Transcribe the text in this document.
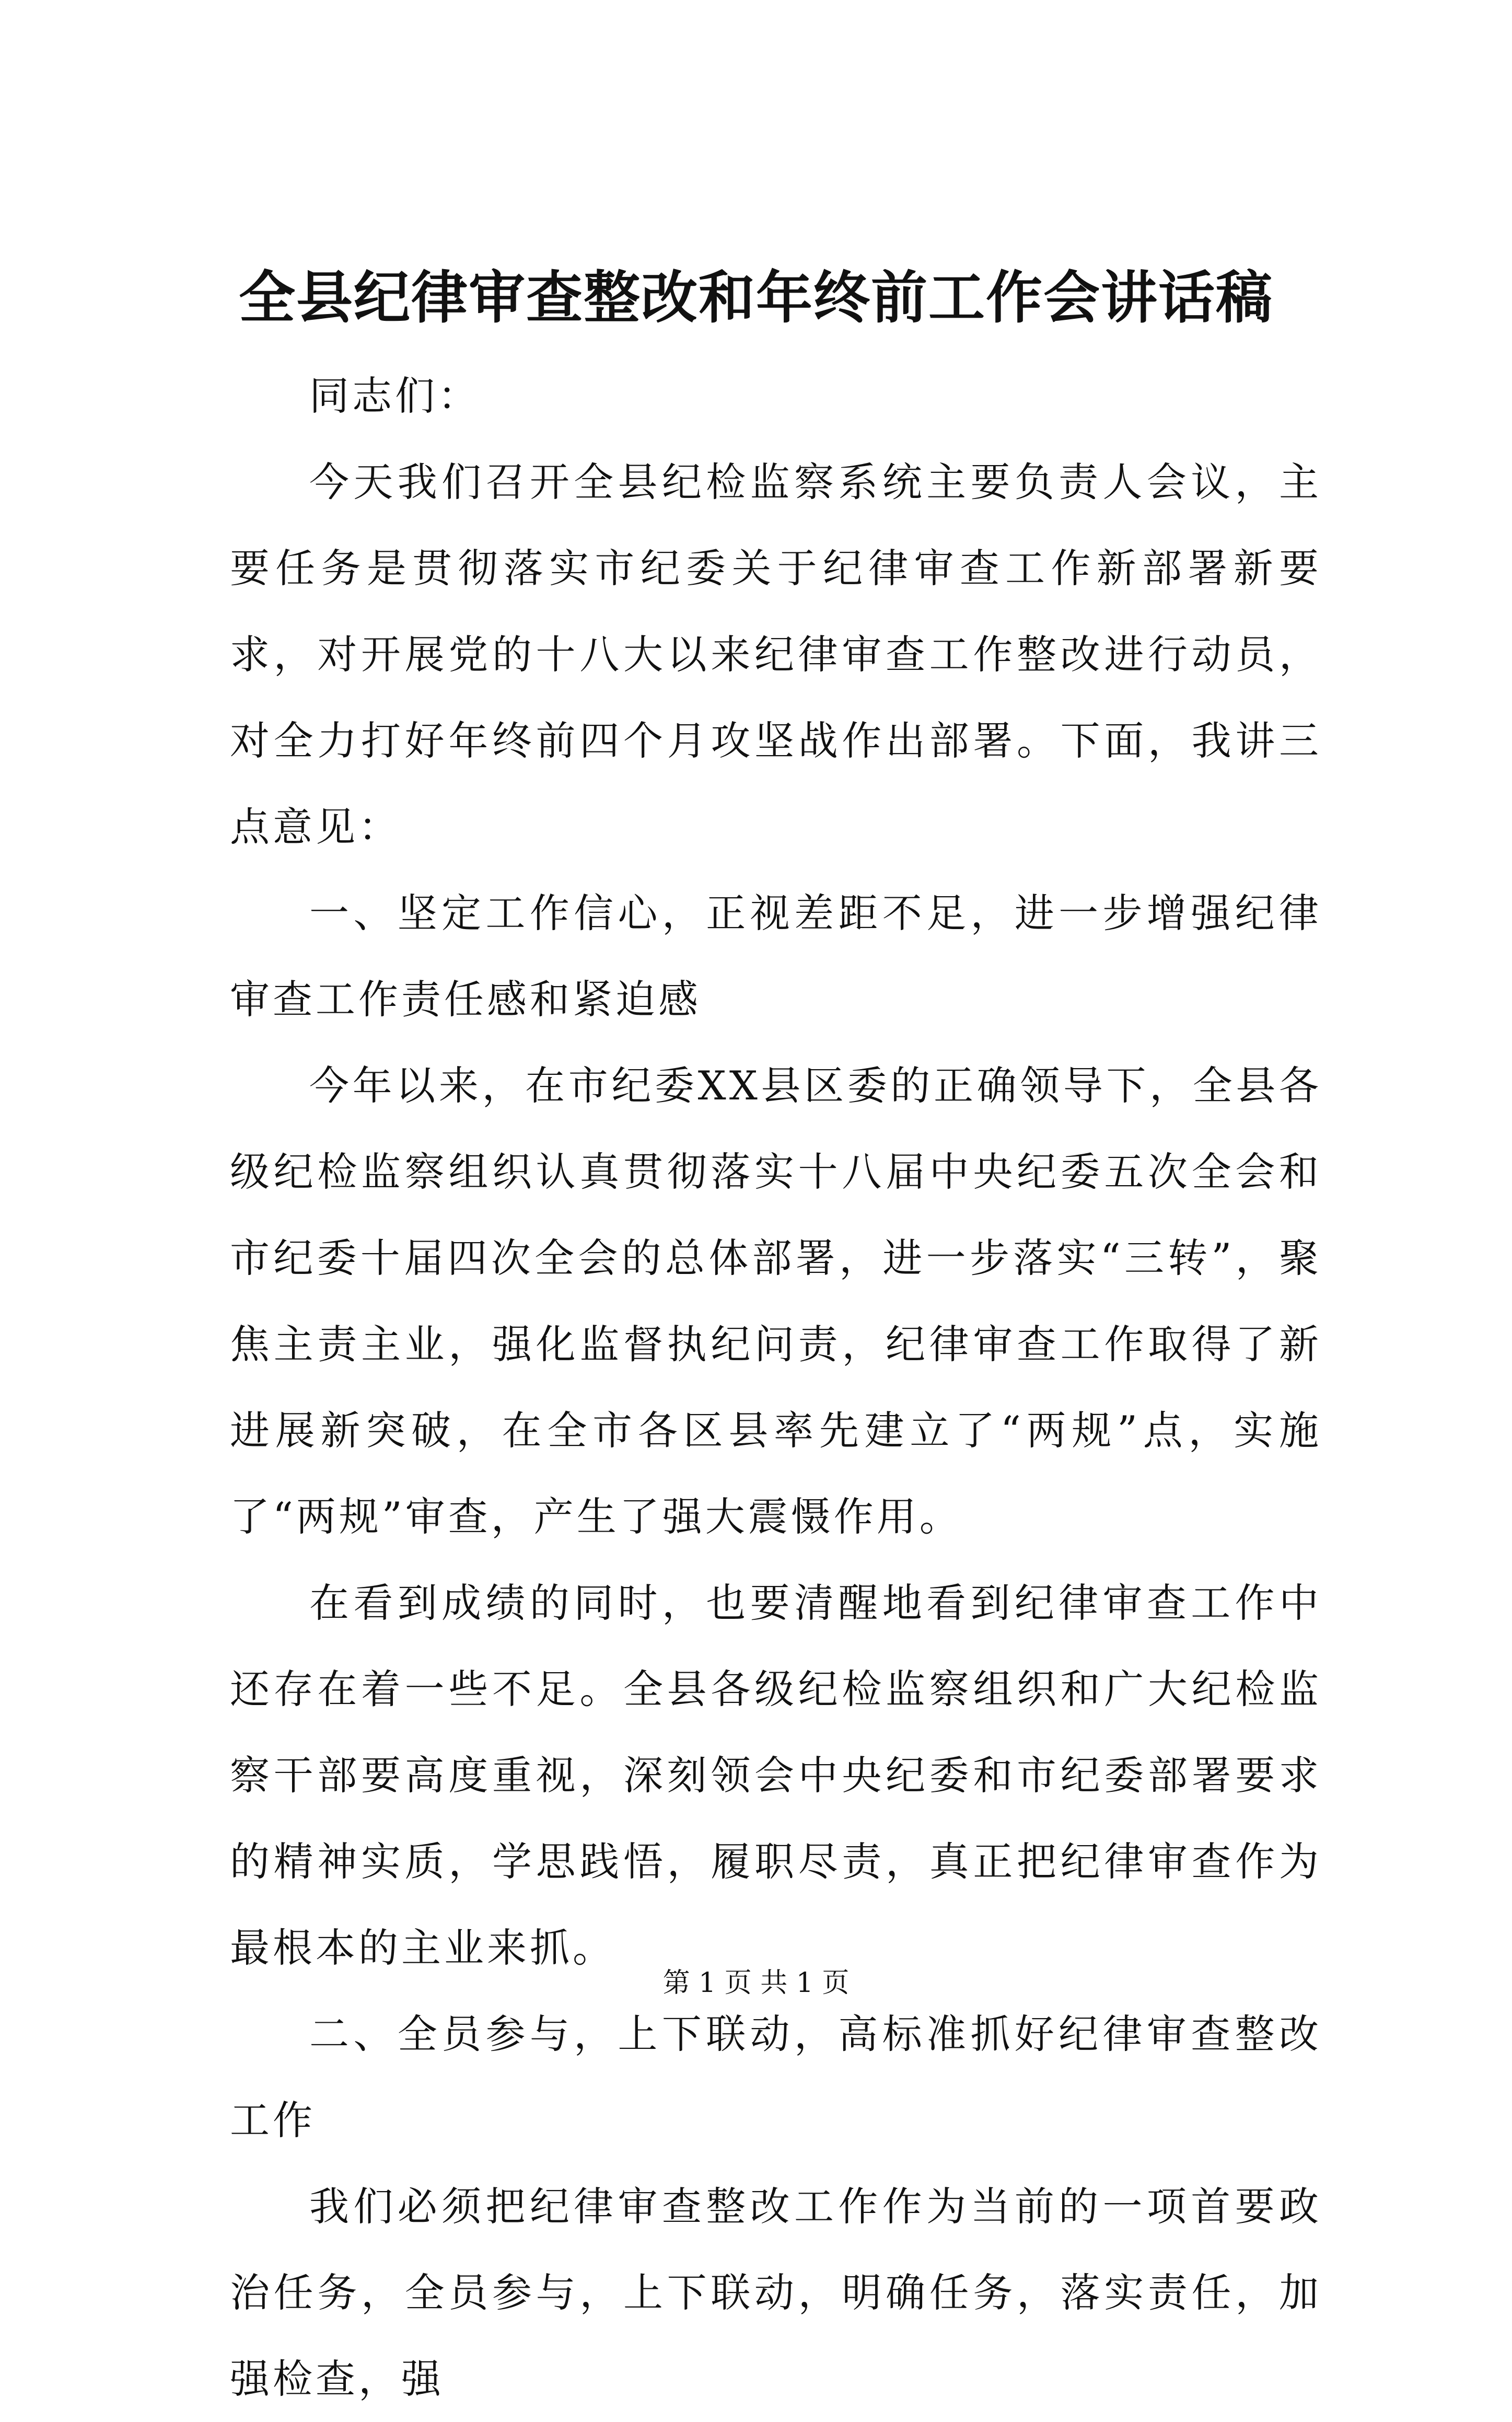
全县纪律审查整改和年终前工作会讲话稿

同志们：

今天我们召开全县纪检监察系统主要负责人会议，主要任务是贯彻落实市纪委关于纪律审查工作新部署新要求，对开展党的十八大以来纪律审查工作整改进行动员，对全力打好年终前四个月攻坚战作出部署。下面，我讲三点意见：

一、坚定工作信心，正视差距不足，进一步增强纪律审查工作责任感和紧迫感

今年以来，在市纪委XX县区委的正确领导下，全县各级纪检监察组织认真贯彻落实十八届中央纪委五次全会和市纪委十届四次全会的总体部署，进一步落实“三转”，聚焦主责主业，强化监督执纪问责，纪律审查工作取得了新进展新突破，在全市各区县率先建立了“两规”点，实施了“两规”审查，产生了强大震慑作用。

在看到成绩的同时，也要清醒地看到纪律审查工作中还存在着一些不足。全县各级纪检监察组织和广大纪检监察干部要高度重视，深刻领会中央纪委和市纪委部署要求的精神实质，学思践悟，履职尽责，真正把纪律审查作为最根本的主业来抓。

二、全员参与，上下联动，高标准抓好纪律审查整改工作

我们必须把纪律审查整改工作作为当前的一项首要政治任务，全员参与，上下联动，明确任务，落实责任，加强检查，强

第 1 页 共 1 页
